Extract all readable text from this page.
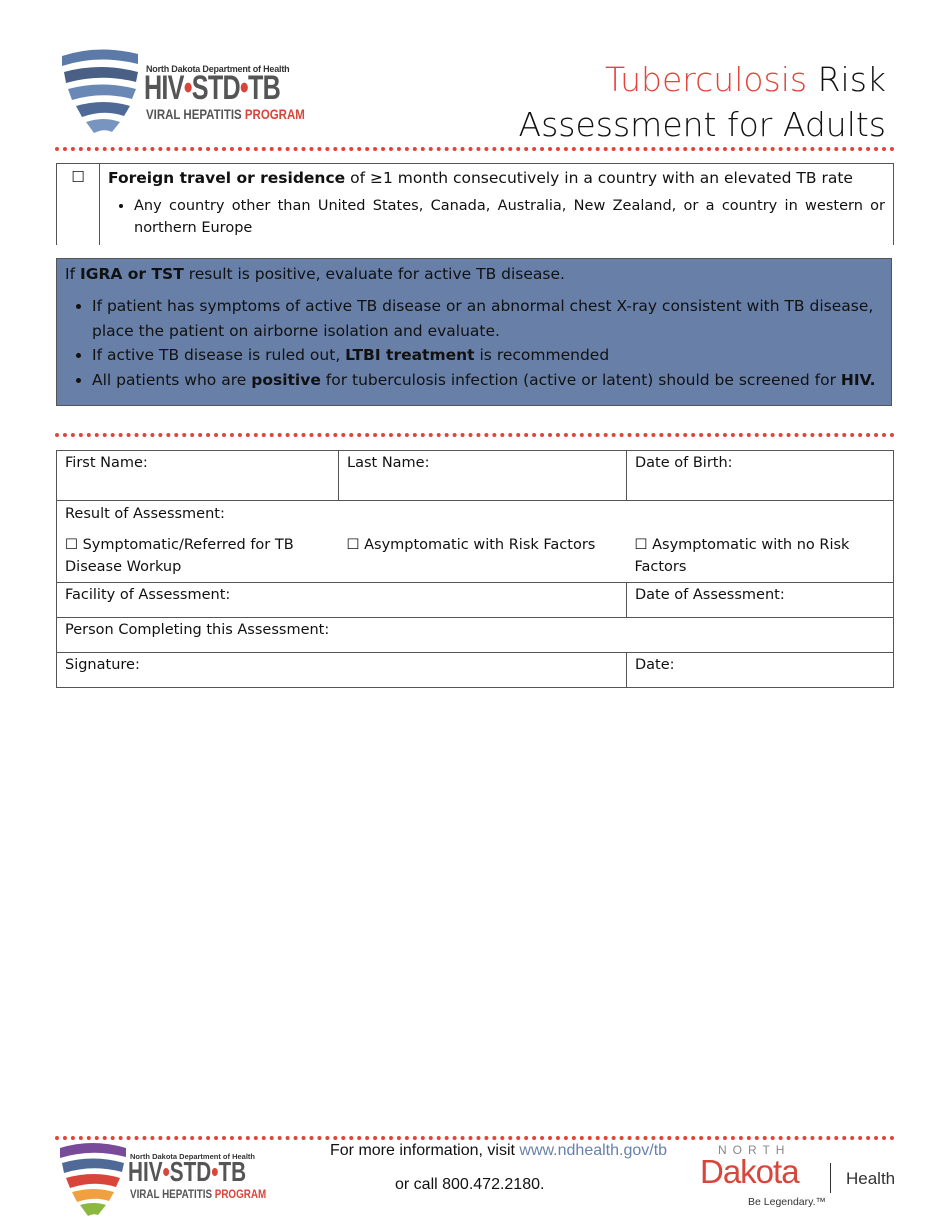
North Dakota Department of Health
HIV•STD•TB
VIRAL HEPATITIS PROGRAM
Tuberculosis Risk
Assessment for Adults
☐	Foreign travel or residence of ≥1 month consecutively in a country with an elevated TB rate
• Any country other than United States, Canada, Australia, New Zealand, or a country in western or northern Europe
If IGRA or TST result is positive, evaluate for active TB disease.
• If patient has symptoms of active TB disease or an abnormal chest X-ray consistent with TB disease, place the patient on airborne isolation and evaluate.
• If active TB disease is ruled out, LTBI treatment is recommended
• All patients who are positive for tuberculosis infection (active or latent) should be screened for HIV.
First Name:	Last Name:	Date of Birth:
Result of Assessment:		
☐ Symptomatic/Referred for TB Disease Workup	☐ Asymptomatic with Risk Factors	☐ Asymptomatic with no Risk Factors
Facility of Assessment:		Date of Assessment:
Person Completing this Assessment:		
Signature:		Date:
North Dakota Department of Health
HIV•STD•TB
VIRAL HEPATITIS PROGRAM
For more information, visit www.ndhealth.gov/tb
or call 800.472.2180.
NORTH
Dakota	Health
Be Legendary.™
